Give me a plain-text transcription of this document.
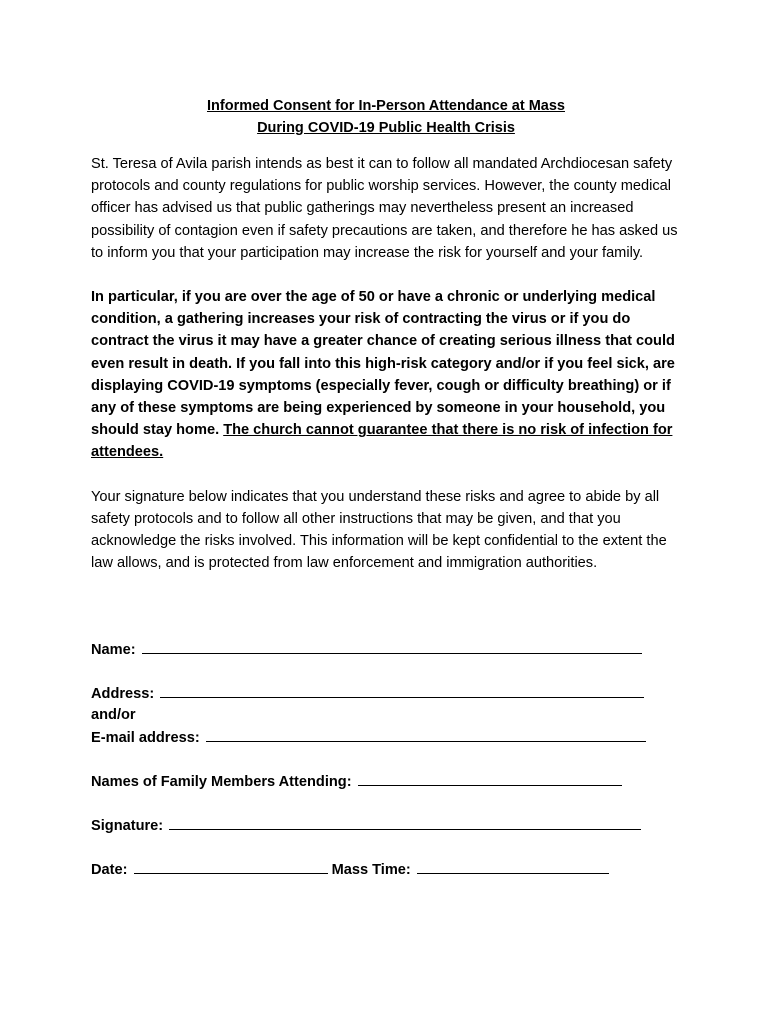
Informed Consent for In-Person Attendance at Mass
During COVID-19 Public Health Crisis

St. Teresa of Avila parish intends as best it can to follow all mandated Archdiocesan safety protocols and county regulations for public worship services. However, the county medical officer has advised us that public gatherings may nevertheless present an increased possibility of contagion even if safety precautions are taken, and therefore he has asked us to inform you that your participation may increase the risk for yourself and your family.

In particular, if you are over the age of 50 or have a chronic or underlying medical condition, a gathering increases your risk of contracting the virus or if you do contract the virus it may have a greater chance of creating serious illness that could even result in death. If you fall into this high-risk category and/or if you feel sick, are displaying COVID-19 symptoms (especially fever, cough or difficulty breathing) or if any of these symptoms are being experienced by someone in your household, you should stay home. The church cannot guarantee that there is no risk of infection for attendees.

Your signature below indicates that you understand these risks and agree to abide by all safety protocols and to follow all other instructions that may be given, and that you acknowledge the risks involved. This information will be kept confidential to the extent the law allows, and is protected from law enforcement and immigration authorities.

Name:
Address:
and/or
E-mail address:
Names of Family Members Attending:
Signature:
Date:	Mass Time:
